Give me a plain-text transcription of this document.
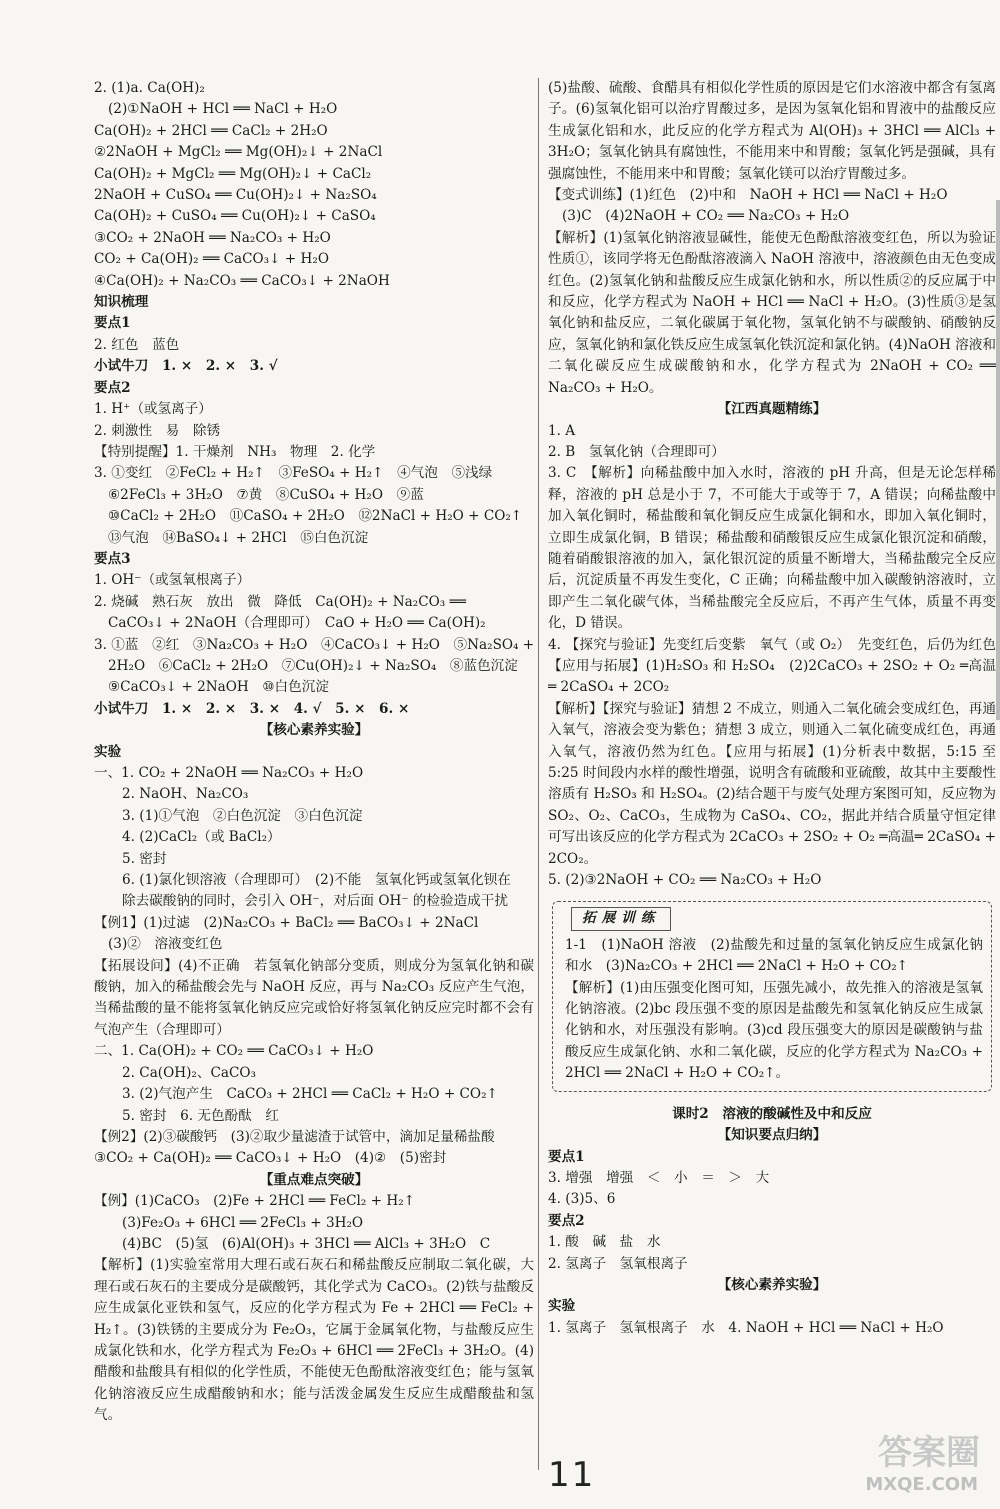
2. (1)a. Ca(OH)₂
(2)①NaOH + HCl ══ NaCl + H₂O
Ca(OH)₂ + 2HCl ══ CaCl₂ + 2H₂O
②2NaOH + MgCl₂ ══ Mg(OH)₂↓ + 2NaCl
Ca(OH)₂ + MgCl₂ ══ Mg(OH)₂↓ + CaCl₂
2NaOH + CuSO₄ ══ Cu(OH)₂↓ + Na₂SO₄
Ca(OH)₂ + CuSO₄ ══ Cu(OH)₂↓ + CaSO₄
③CO₂ + 2NaOH ══ Na₂CO₃ + H₂O
CO₂ + Ca(OH)₂ ══ CaCO₃↓ + H₂O
④Ca(OH)₂ + Na₂CO₃ ══ CaCO₃↓ + 2NaOH
知识梳理
要点1
2. 红色　蓝色
小试牛刀　1. ×　2. ×　3. √
要点2
1. H⁺（或氢离子）
2. 刺激性　易　除锈
【特别提醒】1. 干燥剂　NH₃　物理　2. 化学
3. ①变红　②FeCl₂ + H₂↑　③FeSO₄ + H₂↑　④气泡　⑤浅绿
⑥2FeCl₃ + 3H₂O　⑦黄　⑧CuSO₄ + H₂O　⑨蓝
⑩CaCl₂ + 2H₂O　⑪CaSO₄ + 2H₂O　⑫2NaCl + H₂O + CO₂↑
⑬气泡　⑭BaSO₄↓ + 2HCl　⑮白色沉淀
要点3
1. OH⁻（或氢氧根离子）
2. 烧碱　熟石灰　放出　微　降低　Ca(OH)₂ + Na₂CO₃ ══
CaCO₃↓ + 2NaOH（合理即可）　CaO + H₂O ══ Ca(OH)₂
3. ①蓝　②红　③Na₂CO₃ + H₂O　④CaCO₃↓ + H₂O　⑤Na₂SO₄ +
2H₂O　⑥CaCl₂ + 2H₂O　⑦Cu(OH)₂↓ + Na₂SO₄　⑧蓝色沉淀
⑨CaCO₃↓ + 2NaOH　⑩白色沉淀
小试牛刀　1. ×　2. ×　3. ×　4. √　5. ×　6. ×
【核心素养实验】
实验
一、1. CO₂ + 2NaOH ══ Na₂CO₃ + H₂O
2. NaOH、Na₂CO₃
3. (1)①气泡　②白色沉淀　③白色沉淀
4. (2)CaCl₂（或 BaCl₂）
5. 密封
6. (1)氯化钡溶液（合理即可）　(2)不能　氢氧化钙或氢氧化钡在
除去碳酸钠的同时，会引入 OH⁻，对后面 OH⁻ 的检验造成干扰
【例1】(1)过滤　(2)Na₂CO₃ + BaCl₂ ══ BaCO₃↓ + 2NaCl
(3)②　溶液变红色
【拓展设问】(4)不正确　若氢氧化钠部分变质，则成分为氢氧化钠和碳酸钠，加入的稀盐酸会先与 NaOH 反应，再与 Na₂CO₃ 反应产生气泡，当稀盐酸的量不能将氢氧化钠反应完或恰好将氢氧化钠反应完时都不会有气泡产生（合理即可）
二、1. Ca(OH)₂ + CO₂ ══ CaCO₃↓ + H₂O
2. Ca(OH)₂、CaCO₃
3. (2)气泡产生　CaCO₃ + 2HCl ══ CaCl₂ + H₂O + CO₂↑
5. 密封　6. 无色酚酞　红
【例2】(2)③碳酸钙　(3)②取少量滤渣于试管中，滴加足量稀盐酸
③CO₂ + Ca(OH)₂ ══ CaCO₃↓ + H₂O　(4)②　(5)密封
【重点难点突破】
【例】(1)CaCO₃　(2)Fe + 2HCl ══ FeCl₂ + H₂↑
(3)Fe₂O₃ + 6HCl ══ 2FeCl₃ + 3H₂O
(4)BC　(5)氢　(6)Al(OH)₃ + 3HCl ══ AlCl₃ + 3H₂O　C
【解析】(1)实验室常用大理石或石灰石和稀盐酸反应制取二氧化碳，大理石或石灰石的主要成分是碳酸钙，其化学式为 CaCO₃。(2)铁与盐酸反应生成氯化亚铁和氢气，反应的化学方程式为 Fe + 2HCl ══ FeCl₂ + H₂↑。(3)铁锈的主要成分为 Fe₂O₃，它属于金属氧化物，与盐酸反应生成氯化铁和水，化学方程式为 Fe₂O₃ + 6HCl ══ 2FeCl₃ + 3H₂O。(4)醋酸和盐酸具有相似的化学性质，不能使无色酚酞溶液变红色；能与氢氧化钠溶液反应生成醋酸钠和水；能与活泼金属发生反应生成醋酸盐和氢气。
(5)盐酸、硫酸、食醋具有相似化学性质的原因是它们水溶液中都含有氢离子。(6)氢氧化铝可以治疗胃酸过多，是因为氢氧化铝和胃液中的盐酸反应生成氯化铝和水，此反应的化学方程式为 Al(OH)₃ + 3HCl ══ AlCl₃ + 3H₂O；氢氧化钠具有腐蚀性，不能用来中和胃酸；氢氧化钙是强碱，具有强腐蚀性，不能用来中和胃酸；氢氧化镁可以治疗胃酸过多。
【变式训练】(1)红色　(2)中和　NaOH + HCl ══ NaCl + H₂O
(3)C　(4)2NaOH + CO₂ ══ Na₂CO₃ + H₂O
【解析】(1)氢氧化钠溶液显碱性，能使无色酚酞溶液变红色，所以为验证性质①，该同学将无色酚酞溶液滴入 NaOH 溶液中，溶液颜色由无色变成红色。(2)氢氧化钠和盐酸反应生成氯化钠和水，所以性质②的反应属于中和反应，化学方程式为 NaOH + HCl ══ NaCl + H₂O。(3)性质③是氢氧化钠和盐反应，二氧化碳属于氧化物，氢氧化钠不与碳酸钠、硝酸钠反应，氢氧化钠和氯化铁反应生成氢氧化铁沉淀和氯化钠。(4)NaOH 溶液和二氧化碳反应生成碳酸钠和水，化学方程式为 2NaOH + CO₂ ══ Na₂CO₃ + H₂O。
【江西真题精练】
1. A
2. B　氢氧化钠（合理即可）
3. C　【解析】向稀盐酸中加入水时，溶液的 pH 升高，但是无论怎样稀释，溶液的 pH 总是小于 7，不可能大于或等于 7，A 错误；向稀盐酸中加入氧化铜时，稀盐酸和氧化铜反应生成氯化铜和水，即加入氧化铜时，立即生成氯化铜，B 错误；稀盐酸和硝酸银反应生成氯化银沉淀和硝酸，随着硝酸银溶液的加入，氯化银沉淀的质量不断增大，当稀盐酸完全反应后，沉淀质量不再发生变化，C 正确；向稀盐酸中加入碳酸钠溶液时，立即产生二氧化碳气体，当稀盐酸完全反应后，不再产生气体，质量不再变化，D 错误。
4. 【探究与验证】先变红后变紫　氧气（或 O₂）　先变红色，后仍为红色　【应用与拓展】(1)H₂SO₃ 和 H₂SO₄　(2)2CaCO₃ + 2SO₂ + O₂ ═高温═ 2CaSO₄ + 2CO₂
【解析】【探究与验证】猜想 2 不成立，则通入二氧化硫会变成红色，再通入氧气，溶液会变为紫色；猜想 3 成立，则通入二氧化硫变成红色，再通入氧气，溶液仍然为红色。【应用与拓展】(1)分析表中数据，5:15 至 5:25 时间段内水样的酸性增强，说明含有硫酸和亚硫酸，故其中主要酸性溶质有 H₂SO₃ 和 H₂SO₄。(2)结合题干与废气处理方案图可知，反应物为 SO₂、O₂、CaCO₃，生成物为 CaSO₄、CO₂，据此并结合质量守恒定律可写出该反应的化学方程式为 2CaCO₃ + 2SO₂ + O₂ ═高温═ 2CaSO₄ + 2CO₂。
5. (2)③2NaOH + CO₂ ══ Na₂CO₃ + H₂O
拓展训练
1-1　(1)NaOH 溶液　(2)盐酸先和过量的氢氧化钠反应生成氯化钠和水　(3)Na₂CO₃ + 2HCl ══ 2NaCl + H₂O + CO₂↑
【解析】(1)由压强变化图可知，压强先减小，故先推入的溶液是氢氧化钠溶液。(2)bc 段压强不变的原因是盐酸先和氢氧化钠反应生成氯化钠和水，对压强没有影响。(3)cd 段压强变大的原因是碳酸钠与盐酸反应生成氯化钠、水和二氧化碳，反应的化学方程式为 Na₂CO₃ + 2HCl ══ 2NaCl + H₂O + CO₂↑。
课时2　溶液的酸碱性及中和反应
【知识要点归纳】
要点1
3. 增强　增强　＜　小　＝　＞　大
4. (3)5、6
要点2
1. 酸　碱　盐　水
2. 氢离子　氢氧根离子
【核心素养实验】
实验
1. 氢离子　氢氧根离子　水　4. NaOH + HCl ══ NaCl + H₂O
11
答案圈
MXQE.COM
